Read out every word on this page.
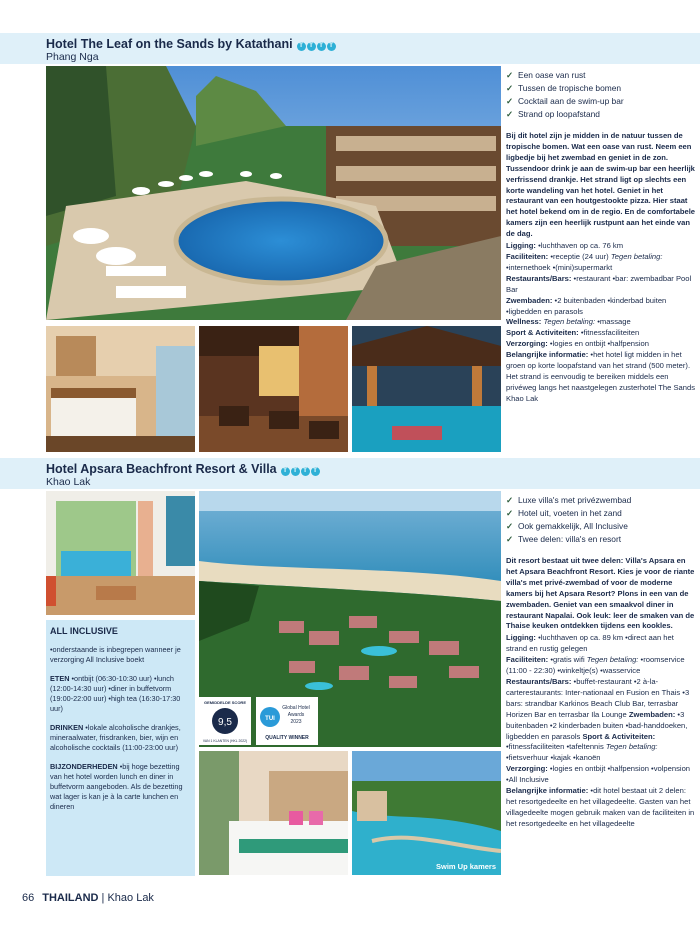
Hotel The Leaf on the Sands by Katathani	T	T	T	T
Phang Nga
✓ Een oase van rust
✓ Tussen de tropische bomen
✓ Cocktail aan de swim-up bar
✓ Strand op loopafstand
Bij dit hotel zijn je midden in de natuur tussen de tropische bomen. Wat een oase van rust. Neem een ligbedje bij het zwembad en geniet in de zon. Tussendoor drink je aan de swim-up bar een heerlijk verfrissend drankje. Het strand ligt op slechts een korte wandeling van het hotel. Geniet in het restaurant van een houtgestookte pizza. Hier staat het hotel bekend om in de regio. En de comfortabele kamers zijn een heerlijk rustpunt aan het einde van de dag.
Ligging: •luchthaven op ca. 76 km
Faciliteiten: •receptie (24 uur) Tegen betaling: •internethoek •(mini)supermarkt
Restaurants/Bars: •restaurant •bar: zwembadbar Pool Bar
Zwembaden: •2 buitenbaden •kinderbad buiten •ligbedden en parasols
Wellness: Tegen betaling: •massage
Sport & Activiteiten: •fitnessfaciliteiten
Verzorging: •logies en ontbijt •halfpension
Belangrijke informatie: •het hotel ligt midden in het groen op korte loopafstand van het strand (500 meter). Het strand is eenvoudig te bereiken middels een privéweg langs het naastgelegen zusterhotel The Sands Khao Lak
Hotel Apsara Beachfront Resort & Villa	T	T	T	T
Khao Lak
9,5
GEMIDDELDE SCORE
VAN 1 KLANTEN (HKL 2022)
TUI
Global Hotel
Awards
2023
QUALITY WINNER
Swim Up kamers
ALL INCLUSIVE

•onderstaande is inbegrepen wanneer je verzorging All Inclusive boekt

ETEN •ontbijt (06:30-10:30 uur) •lunch (12:00-14:30 uur) •diner in buffetvorm (19:00-22:00 uur) •high tea (16:30-17:30 uur)

DRINKEN •lokale alcoholische drankjes, mineraalwater, frisdranken, bier, wijn en alcoholische cocktails (11:00-23:00 uur)

BIJZONDERHEDEN •bij hoge bezetting van het hotel worden lunch en diner in buffetvorm aangeboden. Als de bezetting wat lager is kan je à la carte lunchen en dineren

✓ Luxe villa's met privézwembad
✓ Hotel uit, voeten in het zand
✓ Ook gemakkelijk, All Inclusive
✓ Twee delen: villa's en resort
Dit resort bestaat uit twee delen: Villa's Apsara en het Apsara Beachfront Resort. Kies je voor de riante villa's met privé-zwembad of voor de moderne kamers bij het Apsara Resort? Plons in een van de zwembaden. Geniet van een smaakvol diner in restaurant Napalai. Ook leuk: leer de smaken van de Thaise keuken ontdekken tijdens een kookles.
Ligging: •luchthaven op ca. 89 km •direct aan het strand en rustig gelegen
Faciliteiten: •gratis wifi Tegen betaling: •roomservice (11:00 - 22:30) •winkeltje(s) •wasservice Restaurants/Bars: •buffet-restaurant •2 à-la-carterestaurants: Inter-nationaal en Fusion en Thais •3 bars: strandbar Karkinos Beach Club Bar, terrasbar Horizen Bar en terrasbar Ila Lounge Zwembaden: •3 buitenbaden •2 kinderbaden buiten •bad-handdoeken, ligbedden en parasols Sport & Activiteiten: •fitnessfaciliteiten •tafeltennis Tegen betaling: •fietsverhuur •kajak •kanoën
Verzorging: •logies en ontbijt •halfpension •volpension •All Inclusive
Belangrijke informatie: •dit hotel bestaat uit 2 delen: het resortgedeelte en het villagedeelte. Gasten van het villagedeelte mogen gebruik maken van de faciliteiten in het resortgedeelte en het villagedeelte
66 THAILAND | Khao Lak
